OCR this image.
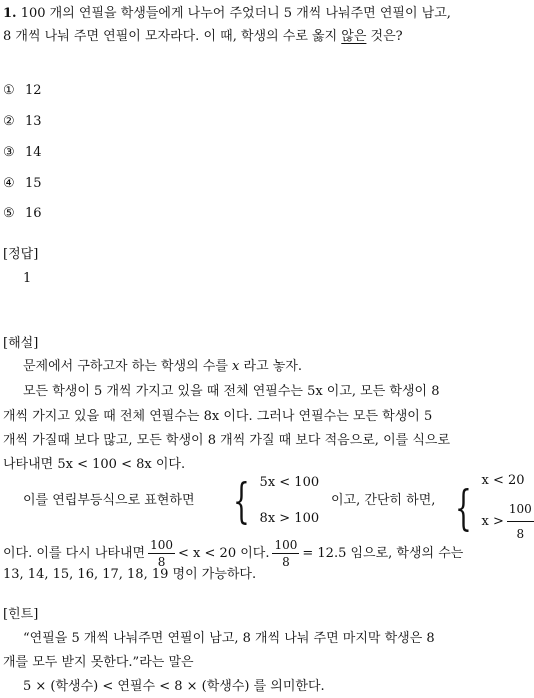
1. 100 개의 연필을 학생들에게 나누어 주었더니 5 개씩 나눠주면 연필이 남고,
8 개씩 나눠 주면 연필이 모자라다. 이 때, 학생의 수로 옳지 않은 것은?
① 12
② 13
③ 14
④ 15
⑤ 16
[정답]
1
[해설]
문제에서 구하고자 하는 학생의 수를 x 라고 놓자.
모든 학생이 5 개씩 가지고 있을 때 전체 연필수는 5x 이고, 모든 학생이 8
개씩 가지고 있을 때 전체 연필수는 8x 이다. 그러나 연필수는 모든 학생이 5
개씩 가질때 보다 많고, 모든 학생이 8 개씩 가질 때 보다 적음으로, 이를 식으로
나타내면 5x < 100 < 8x 이다.
이를 연립부등식으로 표현하면 { 5x < 100
8x > 100
이고, 간단히 하면, { x < 20
$x > \frac{100}{8}$
이다. 이를 다시 나타내면 $\frac{100}{8} < x < 20$ 이다. $\frac{100}{8} = 12.5$ 임으로, 학생의 수는
13, 14, 15, 16, 17, 18, 19 명이 가능하다.
[힌트]
“연필을 5 개씩 나눠주면 연필이 남고, 8 개씩 나눠 주면 마지막 학생은 8
개를 모두 받지 못한다.”라는 말은
5 × (학생수) < 연필수 < 8 × (학생수) 를 의미한다.
